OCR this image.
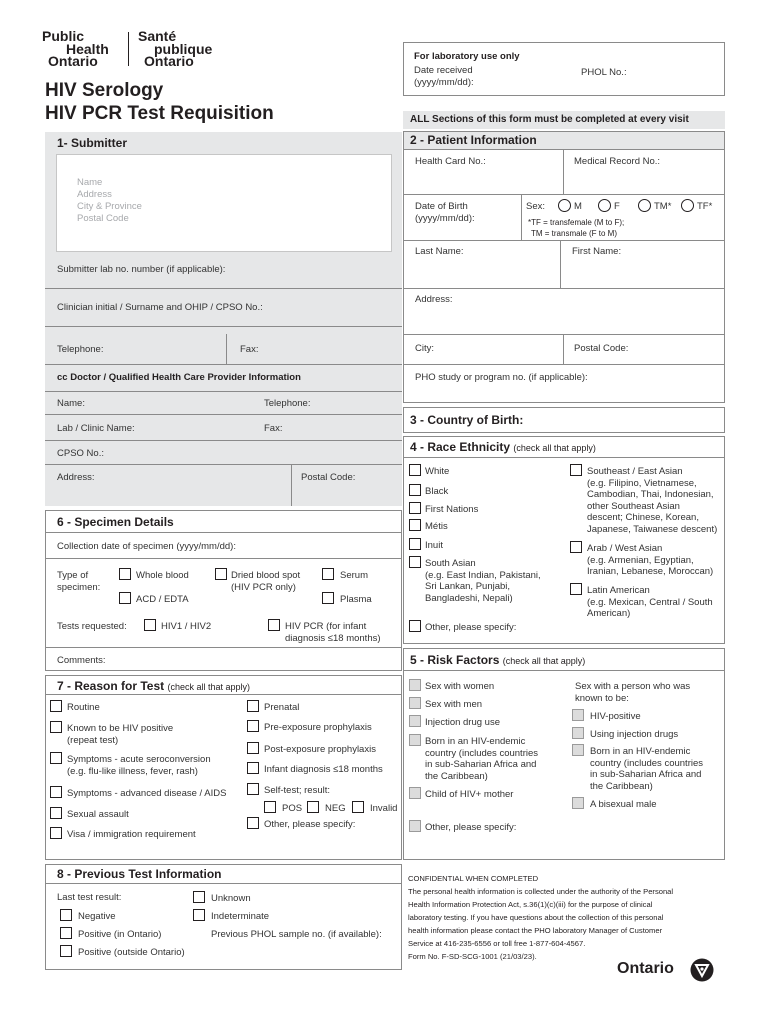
Public
Health
Ontario
Santé
publique
Ontario
HIV Serology
HIV PCR Test Requisition
For laboratory use only
Date received
(yyyy/mm/dd):
PHOL No.:
ALL Sections of this form must be completed at every visit
1- Submitter
Name
Address
City & Province
Postal Code
Submitter lab no. number (if applicable):
Clinician initial / Surname and OHIP / CPSO No.:
Telephone:	Fax:
cc Doctor / Qualified Health Care Provider Information
Name:	Telephone:
Lab / Clinic Name:	Fax:
CPSO No.:
Address:	Postal Code:
6 - Specimen Details
Collection date of specimen (yyyy/mm/dd):
Type of
specimen:
Whole blood	Dried blood spot
(HIV PCR only)
Serum
ACD / EDTA	Plasma
Tests requested:	HIV1 / HIV2	HIV PCR (for infant
diagnosis ≤18 months)
Comments:
7 - Reason for Test (check all that apply)
Routine
Known to be HIV positive
(repeat test)
Symptoms - acute seroconversion
(e.g. flu-like illness, fever, rash)
Symptoms - advanced disease / AIDS
Sexual assault
Visa / immigration requirement
Prenatal
Pre-exposure prophylaxis
Post-exposure prophylaxis
Infant diagnosis ≤18 months
Self-test; result:
POS NEG	Invalid
Other, please specify:
8 - Previous Test Information
Last test result:
Negative
Positive (in Ontario)
Positive (outside Ontario)
Unknown
Indeterminate
Previous PHOL sample no. (if available):
2 - Patient Information
Health Card No.:	Medical Record No.:
Date of Birth
(yyyy/mm/dd):
Sex:	M	F	TM*	TF*
*TF = transfemale (M to F);
TM = transmale (F to M)
Last Name:	First Name:
Address:
City:	Postal Code:
PHO study or program no. (if applicable):
3 - Country of Birth:
4 - Race Ethnicity (check all that apply)
White
Black
First Nations
Métis
Inuit
South Asian
(e.g. East Indian, Pakistani,
Sri Lankan, Punjabi,
Bangladeshi, Nepali)
Other, please specify:
Southeast / East Asian
(e.g. Filipino, Vietnamese,
Cambodian, Thai, Indonesian,
other Southeast Asian
descent; Chinese, Korean,
Japanese, Taiwanese descent)
Arab / West Asian
(e.g. Armenian, Egyptian,
Iranian, Lebanese, Moroccan)
Latin American
(e.g. Mexican, Central / South
American)
5 - Risk Factors (check all that apply)
Sex with women
Sex with men
Injection drug use
Born in an HIV-endemic
country (includes countries
in sub-Saharian Africa and
the Caribbean)
Child of HIV+ mother
Other, please specify:
Sex with a person who was
known to be:
HIV-positive
Using injection drugs
Born in an HIV-endemic
country (includes countries
in sub-Saharian Africa and
the Caribbean)
A bisexual male
CONFIDENTIAL WHEN COMPLETED
The personal health information is collected under the authority of the Personal
Health Information Protection Act, s.36(1)(c)(iii) for the purpose of clinical
laboratory testing. If you have questions about the collection of this personal
health information please contact the PHO laboratory Manager of Customer
Service at 416-235-6556 or toll free 1-877-604-4567.
Form No. F-SD-SCG-1001 (21/03/23).
Ontario
